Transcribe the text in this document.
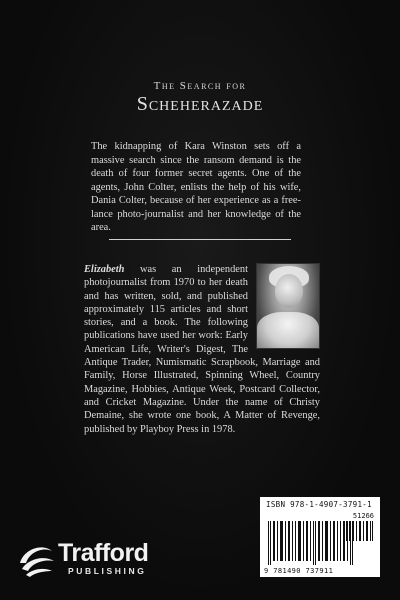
The Search for
Scheherazade
The kidnapping of Kara Winston sets off a massive search since the ransom demand is the death of four former secret agents. One of the agents, John Colter, enlists the help of his wife, Dania Colter, because of her experience as a free-lance photo-journalist and her knowledge of the area.
Elizabeth was an independent photojournalist from 1970 to her death and has written, sold, and published approximately 115 articles and short stories, and a book. The following publications have used her work: Early American Life, Writer's Digest, The Antique Trader, Numismatic Scrapbook, Marriage and Family, Horse Illustrated, Spinning Wheel, Country Magazine, Hobbies, Antique Week, Postcard Collector, and Cricket Magazine. Under the name of Christy Demaine, she wrote one book, A Matter of Revenge, published by Playboy Press in 1978.
ISBN 978-1-4907-3791-1
51266
9 781490 737911
Trafford
PUBLISHING
